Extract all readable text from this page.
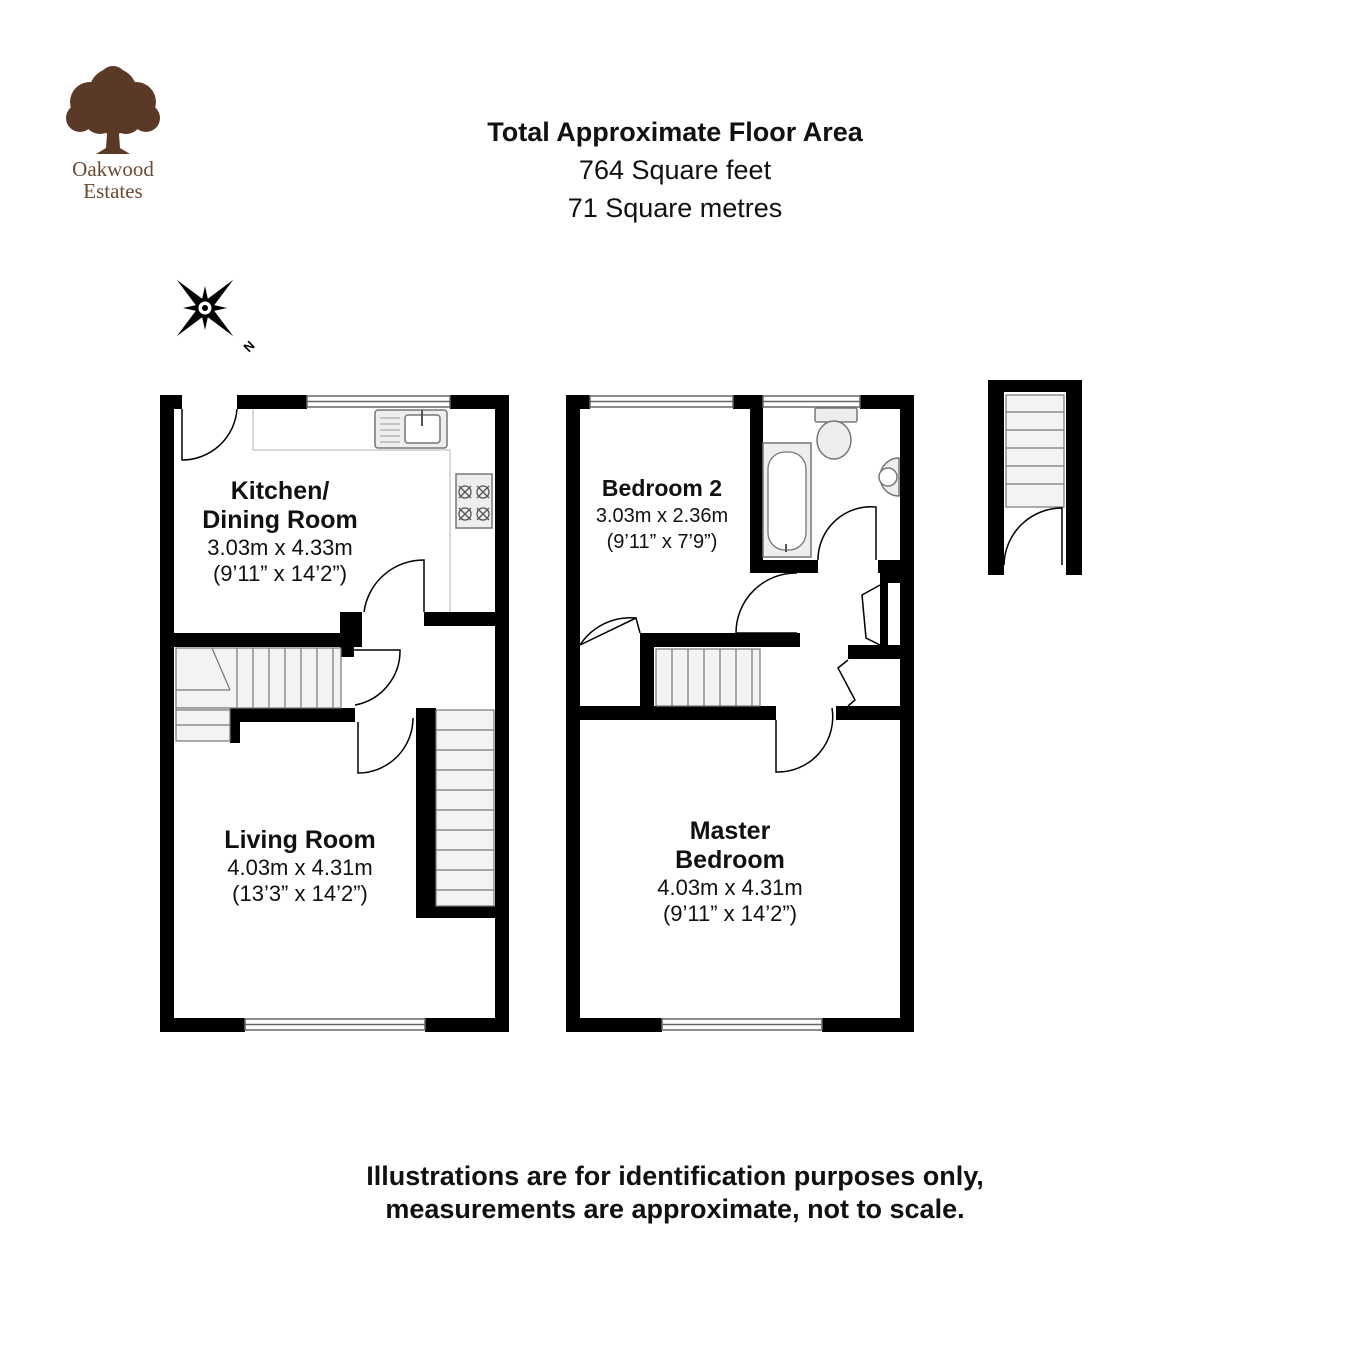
Oakwood
Estates
Total Approximate Floor Area
764 Square feet
71 Square metres
N
Kitchen/
Dining Room
3.03m x 4.33m
(9’11” x 14’2”)
Living Room
4.03m x 4.31m
(13’3” x 14’2”)
Bedroom 2
3.03m x 2.36m
(9’11” x 7’9”)
Master
Bedroom
4.03m x 4.31m
(9’11” x 14’2”)
Illustrations are for identification purposes only,
measurements are approximate, not to scale.
